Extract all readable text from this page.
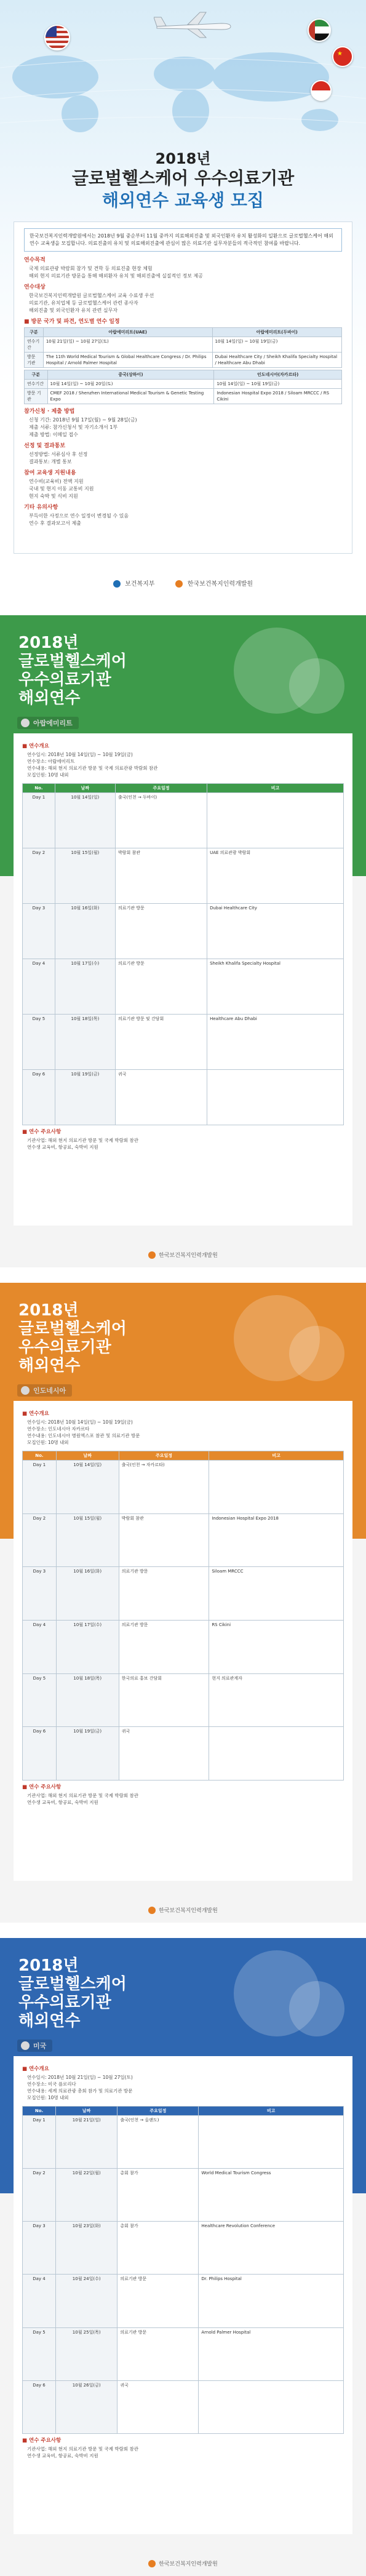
★
2018년
글로벌헬스케어 우수의료기관
해외연수 교육생 모집
한국보건복지인력개발원에서는 2018년 9월 중순부터 11월 중까지 의료해외진출 및 외국인환자 유치 활성화의 일환으로 글로벌헬스케어 해외연수 교육생을 모집합니다. 의료진출의 유치 및 의료해외진출에 관심이 많은 의료기관 실무자분들의 적극적인 참여를 바랍니다.
연수목적
국제 의료관광 박람회 참가 및 견학 등 의료진출 현장 체험
해외 현지 의료기관 방문을 통해 해외환자 유치 및 해외진출에 실질적인 정보 제공
연수대상
한국보건복지인력개발원 글로벌헬스케어 교육 수료생 우선
의료기관, 유치업체 등 글로벌헬스케어 관련 종사자
해외진출 및 외국인환자 유치 관련 실무자
■ 방문 국가 및 파견, 연도별 연수 일정
구분	아랍에미리트(UAE)	아랍에미리트(두바이)
연수기간	10월 21일(일) ~ 10월 27일(토)	10월 14일(일) ~ 10월 19일(금)
방문 기관	The 11th World Medical Tourism & Global Healthcare Congress / Dr. Philips Hospital / Arnold Palmer Hospital	Dubai Healthcare City / Sheikh Khalifa Specialty Hospital / Healthcare Abu Dhabi
구분	중국(상하이)	인도네시아(자카르타)
연수기간	10월 14일(일) ~ 10월 20일(토)	10월 14일(일) ~ 10월 19일(금)
방문 기관	CMEF 2018 / Shenzhen International Medical Tourism & Genetic Testing Expo	Indonesian Hospital Expo 2018 / Siloam MRCCC / RS Cikini
참가신청 · 제출 방법
신청 기간: 2018년 9월 17일(월) ~ 9월 28일(금)
제출 서류: 참가신청서 및 자기소개서 1부
제출 방법: 이메일 접수
선정 및 결과통보
선정방법: 서류심사 후 선정
결과통보: 개별 통보
참여 교육생 지원내용
연수비(교육비) 전액 지원
국내 및 현지 이동 교통비 지원
현지 숙박 및 식비 지원
기타 유의사항
부득이한 사정으로 연수 일정이 변경될 수 있음
연수 후 결과보고서 제출
보건복지부	한국보건복지인력개발원
2018년
글로벌헬스케어
우수의료기관
해외연수
아랍에미리트
■ 연수개요
연수일시: 2018년 10월 14일(일) ~ 10월 19일(금)
연수장소: 아랍에미리트
연수내용: 해외 현지 의료기관 방문 및 국제 의료관광 박람회 참관
모집인원: 10명 내외
No.	날짜	주요일정	비고
Day 1	10월 14일(일)	출국(인천 → 두바이)	
Day 2	10월 15일(월)	박람회 참관	UAE 의료관광 박람회
Day 3	10월 16일(화)	의료기관 방문	Dubai Healthcare City
Day 4	10월 17일(수)	의료기관 방문	Sheikh Khalifa Specialty Hospital
Day 5	10월 18일(목)	의료기관 방문 및 간담회	Healthcare Abu Dhabi
Day 6	10월 19일(금)	귀국	
■ 연수 주요사항
기관사업: 해외 현지 의료기관 방문 및 국제 박람회 참관
연수생 교육비, 항공료, 숙박비 지원
한국보건복지인력개발원
2018년
글로벌헬스케어
우수의료기관
해외연수
인도네시아
■ 연수개요
연수일시: 2018년 10월 14일(일) ~ 10월 19일(금)
연수장소: 인도네시아 자카르타
연수내용: 인도네시아 병원엑스포 참관 및 의료기관 방문
모집인원: 10명 내외
No.	날짜	주요일정	비고
Day 1	10월 14일(일)	출국(인천 → 자카르타)	
Day 2	10월 15일(월)	박람회 참관	Indonesian Hospital Expo 2018
Day 3	10월 16일(화)	의료기관 방문	Siloam MRCCC
Day 4	10월 17일(수)	의료기관 방문	RS Cikini
Day 5	10월 18일(목)	한국의료 홍보 간담회	현지 의료관계자
Day 6	10월 19일(금)	귀국	
■ 연수 주요사항
기관사업: 해외 현지 의료기관 방문 및 국제 박람회 참관
연수생 교육비, 항공료, 숙박비 지원
한국보건복지인력개발원
2018년
글로벌헬스케어
우수의료기관
해외연수
미국
■ 연수개요
연수일시: 2018년 10월 21일(일) ~ 10월 27일(토)
연수장소: 미국 플로리다
연수내용: 세계 의료관광 총회 참가 및 의료기관 방문
모집인원: 10명 내외
No.	날짜	주요일정	비고
Day 1	10월 21일(일)	출국(인천 → 올랜도)	
Day 2	10월 22일(월)	총회 참가	World Medical Tourism Congress
Day 3	10월 23일(화)	총회 참가	Healthcare Revolution Conference
Day 4	10월 24일(수)	의료기관 방문	Dr. Philips Hospital
Day 5	10월 25일(목)	의료기관 방문	Arnold Palmer Hospital
Day 6	10월 26일(금)	귀국	
■ 연수 주요사항
기관사업: 해외 현지 의료기관 방문 및 국제 박람회 참관
연수생 교육비, 항공료, 숙박비 지원
한국보건복지인력개발원
